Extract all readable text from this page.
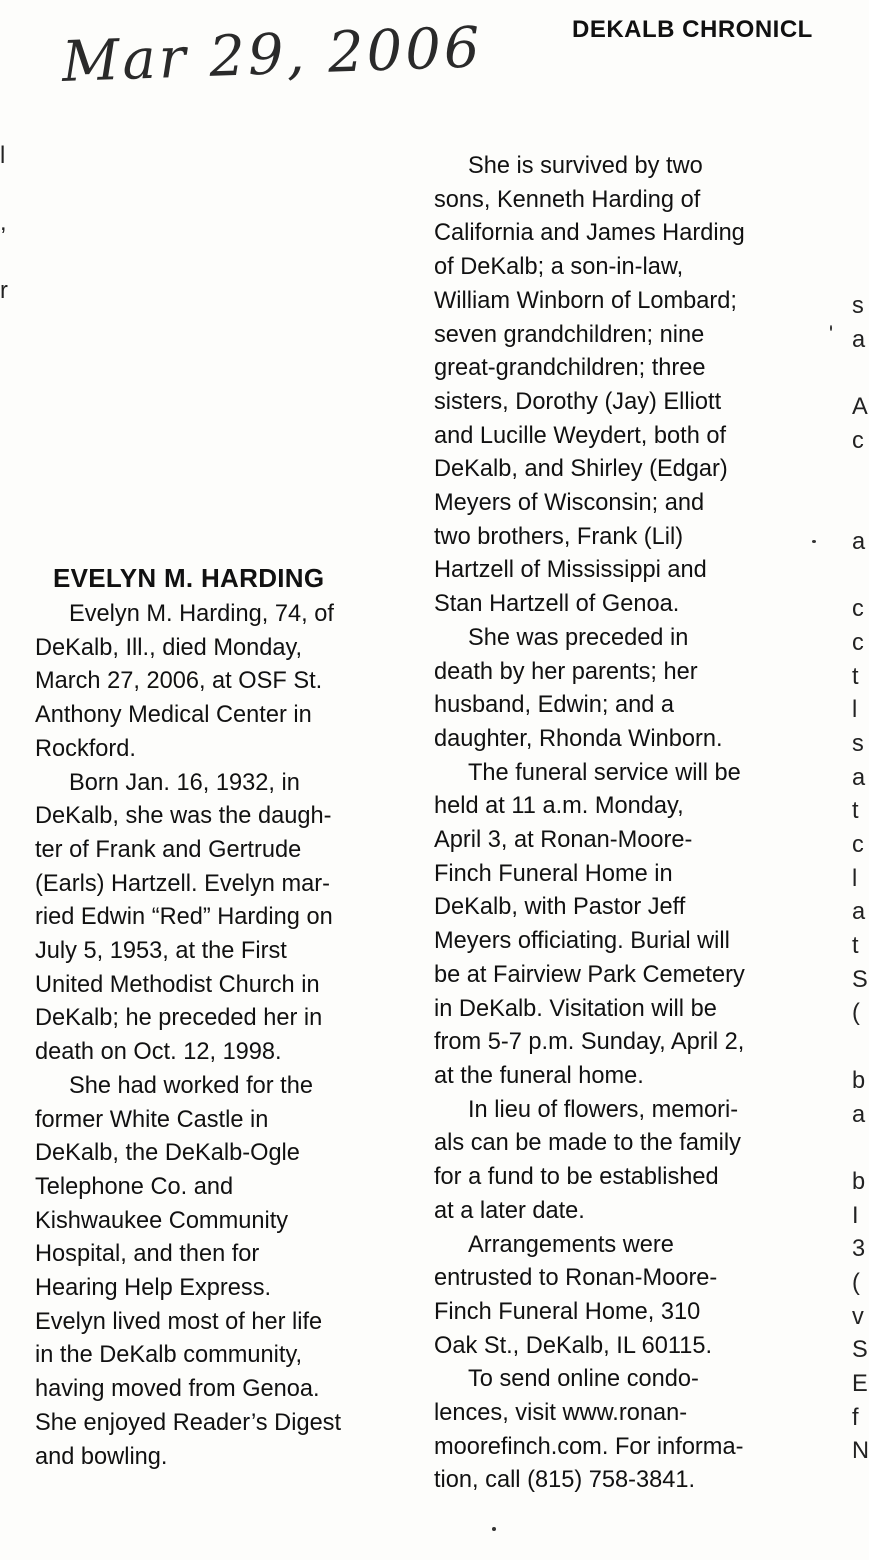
Mar 29, 2006	DEKALB CHRONICL
l
,
r
s
a
A
c
a
c
c
t
l
s
a
t
c
l
a
t
S
(
b
a
b
I
3
(
v
S
E
f
N
EVELYN M. HARDING
Evelyn M. Harding, 74, of
DeKalb, Ill., died Monday,
March 27, 2006, at OSF St.
Anthony Medical Center in
Rockford.
Born Jan. 16, 1932, in
DeKalb, she was the daugh-
ter of Frank and Gertrude
(Earls) Hartzell. Evelyn mar-
ried Edwin “Red” Harding on
July 5, 1953, at the First
United Methodist Church in
DeKalb; he preceded her in
death on Oct. 12, 1998.
She had worked for the
former White Castle in
DeKalb, the DeKalb-Ogle
Telephone Co. and
Kishwaukee Community
Hospital, and then for
Hearing Help Express.
Evelyn lived most of her life
in the DeKalb community,
having moved from Genoa.
She enjoyed Reader’s Digest
and bowling.
She is survived by two
sons, Kenneth Harding of
California and James Harding
of DeKalb; a son-in-law,
William Winborn of Lombard;
seven grandchildren; nine
great-grandchildren; three
sisters, Dorothy (Jay) Elliott
and Lucille Weydert, both of
DeKalb, and Shirley (Edgar)
Meyers of Wisconsin; and
two brothers, Frank (Lil)
Hartzell of Mississippi and
Stan Hartzell of Genoa.
She was preceded in
death by her parents; her
husband, Edwin; and a
daughter, Rhonda Winborn.
The funeral service will be
held at 11 a.m. Monday,
April 3, at Ronan-Moore-
Finch Funeral Home in
DeKalb, with Pastor Jeff
Meyers officiating. Burial will
be at Fairview Park Cemetery
in DeKalb. Visitation will be
from 5-7 p.m. Sunday, April 2,
at the funeral home.
In lieu of flowers, memori-
als can be made to the family
for a fund to be established
at a later date.
Arrangements were
entrusted to Ronan-Moore-
Finch Funeral Home, 310
Oak St., DeKalb, IL 60115.
To send online condo-
lences, visit www.ronan-
moorefinch.com. For informa-
tion, call (815) 758-3841.
